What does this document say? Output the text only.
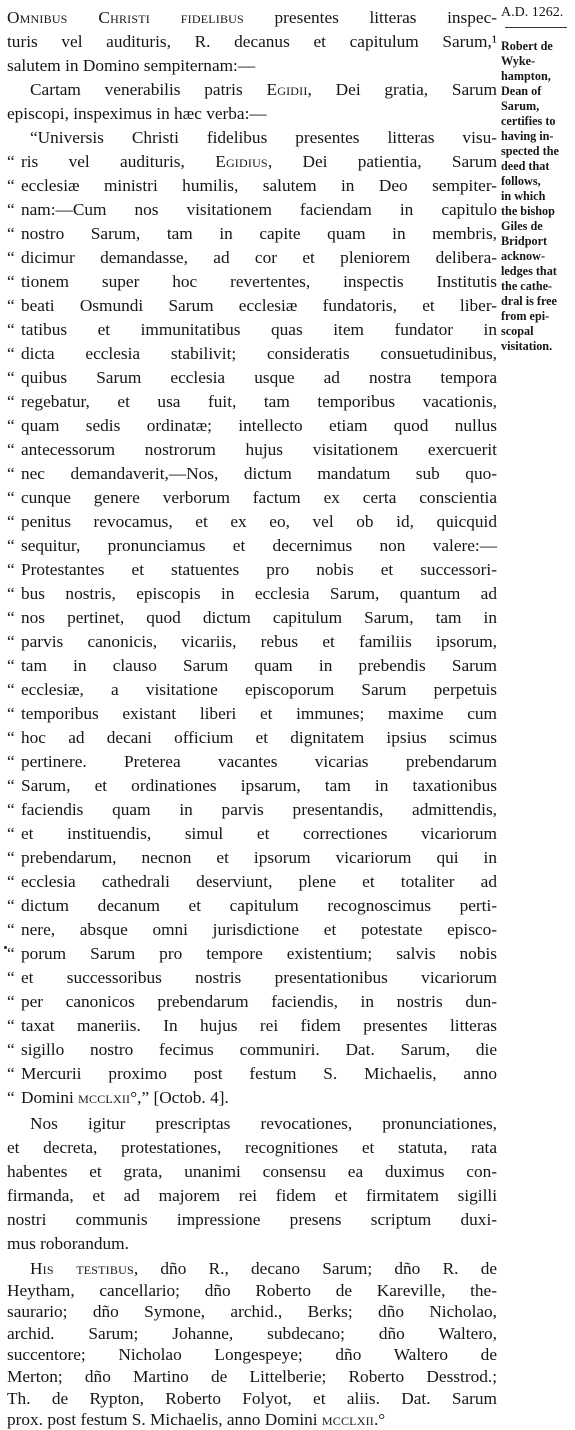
A.D. 1262.
Robert de
Wyke-
hampton,
Dean of
Sarum,
certifies to
having in-
spected the
deed that
follows,
in which
the bishop
Giles de
Bridport
acknow-
ledges that
the cathe-
dral is free
from epi-
scopal
visitation.
Omnibus Christi fidelibus presentes litteras inspec-
turis vel audituris, R. decanus et capitulum Sarum,¹
salutem in Domino sempiternam:—
Cartam venerabilis patris Egidii, Dei gratia, Sarum
episcopi, inspeximus in hæc verba:—
“Universis Christi fidelibus presentes litteras visu-
“ ris vel audituris, Egidius, Dei patientia, Sarum
“ ecclesiæ ministri humilis, salutem in Deo sempiter-
“ nam:—Cum nos visitationem faciendam in capitulo
“ nostro Sarum, tam in capite quam in membris,
“ dicimur demandasse, ad cor et pleniorem delibera-
“ tionem super hoc revertentes, inspectis Institutis
“ beati Osmundi Sarum ecclesiæ fundatoris, et liber-
“ tatibus et immunitatibus quas item fundator in
“ dicta ecclesia stabilivit; consideratis consuetudinibus,
“ quibus Sarum ecclesia usque ad nostra tempora
“ regebatur, et usa fuit, tam temporibus vacationis,
“ quam sedis ordinatæ; intellecto etiam quod nullus
“ antecessorum nostrorum hujus visitationem exercuerit
“ nec demandaverit,—Nos, dictum mandatum sub quo-
“ cunque genere verborum factum ex certa conscientia
“ penitus revocamus, et ex eo, vel ob id, quicquid
“ sequitur, pronunciamus et decernimus non valere:—
“ Protestantes et statuentes pro nobis et successori-
“ bus nostris, episcopis in ecclesia Sarum, quantum ad
“ nos pertinet, quod dictum capitulum Sarum, tam in
“ parvis canonicis, vicariis, rebus et familiis ipsorum,
“ tam in clauso Sarum quam in prebendis Sarum
“ ecclesiæ, a visitatione episcoporum Sarum perpetuis
“ temporibus existant liberi et immunes; maxime cum
“ hoc ad decani officium et dignitatem ipsius scimus
“ pertinere. Preterea vacantes vicarias prebendarum
“ Sarum, et ordinationes ipsarum, tam in taxationibus
“ faciendis quam in parvis presentandis, admittendis,
“ et instituendis, simul et correctiones vicariorum
“ prebendarum, necnon et ipsorum vicariorum qui in
“ ecclesia cathedrali deserviunt, plene et totaliter ad
“ dictum decanum et capitulum recognoscimus perti-
“ nere, absque omni jurisdictione et potestate episco-
“ porum Sarum pro tempore existentium; salvis nobis
“ et successoribus nostris presentationibus vicariorum
“ per canonicos prebendarum faciendis, in nostris dun-
“ taxat maneriis. In hujus rei fidem presentes litteras
“ sigillo nostro fecimus communiri. Dat. Sarum, die
“ Mercurii proximo post festum S. Michaelis, anno
“ Domini mcclxii°,” [Octob. 4].
Nos igitur prescriptas revocationes, pronunciationes,
et decreta, protestationes, recognitiones et statuta, rata
habentes et grata, unanimi consensu ea duximus con-
firmanda, et ad majorem rei fidem et firmitatem sigilli
nostri communis impressione presens scriptum duxi-
mus roborandum.
His testibus, dño R., decano Sarum; dño R. de
Heytham, cancellario; dño Roberto de Kareville, the-
saurario; dño Symone, archid., Berks; dño Nicholao,
archid. Sarum; Johanne, subdecano; dño Waltero,
succentore; Nicholao Longespeye; dño Waltero de
Merton; dño Martino de Littelberie; Roberto Desstrod.;
Th. de Rypton, Roberto Folyot, et aliis. Dat. Sarum
prox. post festum S. Michaelis, anno Domini mcclxii.°
